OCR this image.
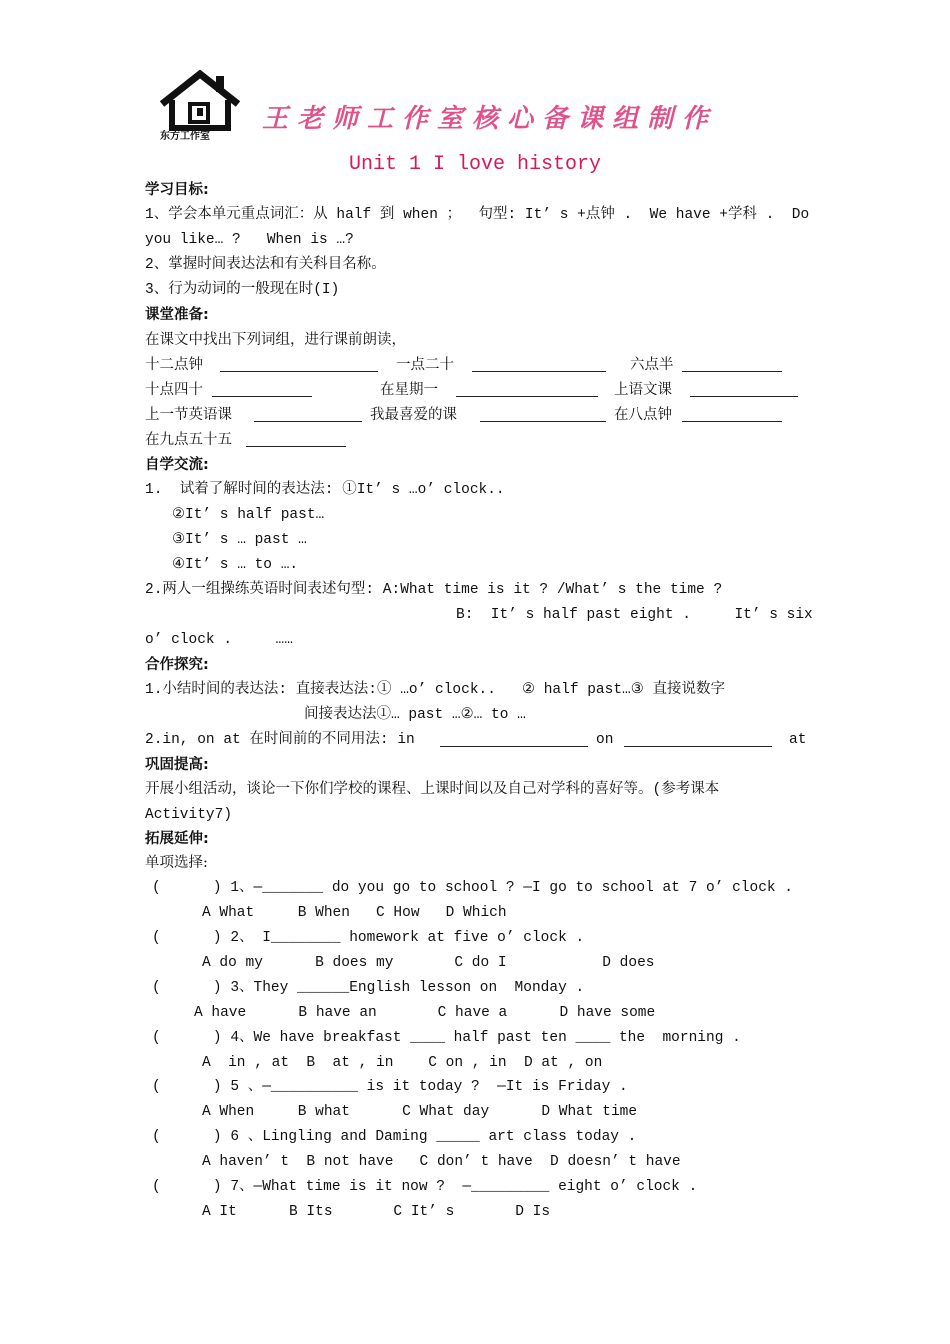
东方工作室
王老师工作室核心备课组制作
Unit 1 I love history
学习目标:
1、学会本单元重点词汇：从 half 到 when ；  句型: It’ s +点钟 .  We have +学科 .  Do
you like… ?   When is …?
2、掌握时间表达法和有关科目名称。
3、行为动词的一般现在时(I)
课堂准备:
在课文中找出下列词组，进行课前朗读，
十二点钟	一点二十	六点半
十点四十	在星期一	上语文课
上一节英语课	我最喜爱的课	在八点钟
在九点五十五
自学交流:
1.  试着了解时间的表达法: ①It’ s …o’ clock..
②It’ s half past…
③It’ s … past …
④It’ s … to ….
2.两人一组操练英语时间表述句型: A:What time is it ? /What’ s the time ?
B:  It’ s half past eight .     It’ s six
o’ clock .     ……
合作探究:
1.小结时间的表达法: 直接表达法:① …o’ clock..   ② half past…③ 直接说数字
间接表达法①… past …②… to …
2.in, on at 在时间前的不同用法: in	on	at
巩固提高:
开展小组活动，谈论一下你们学校的课程、上课时间以及自己对学科的喜好等。(参考课本
Activity7)
拓展延伸:
单项选择:
(      ) 1、—_______ do you go to school ? —I go to school at 7 o’ clock .
A What     B When   C How   D Which
(      ) 2、 I________ homework at five o’ clock .
A do my      B does my       C do I           D does
(      ) 3、They ______English lesson on  Monday .
A have      B have an       C have a      D have some
(      ) 4、We have breakfast ____ half past ten ____ the  morning .
A  in , at  B  at , in    C on , in  D at , on
(      ) 5 、—__________ is it today ?  —It is Friday .
A When     B what      C What day      D What time
(      ) 6 、Lingling and Daming _____ art class today .
A haven’ t  B not have   C don’ t have  D doesn’ t have
(      ) 7、—What time is it now ?  —_________ eight o’ clock .
A It      B Its       C It’ s       D Is
